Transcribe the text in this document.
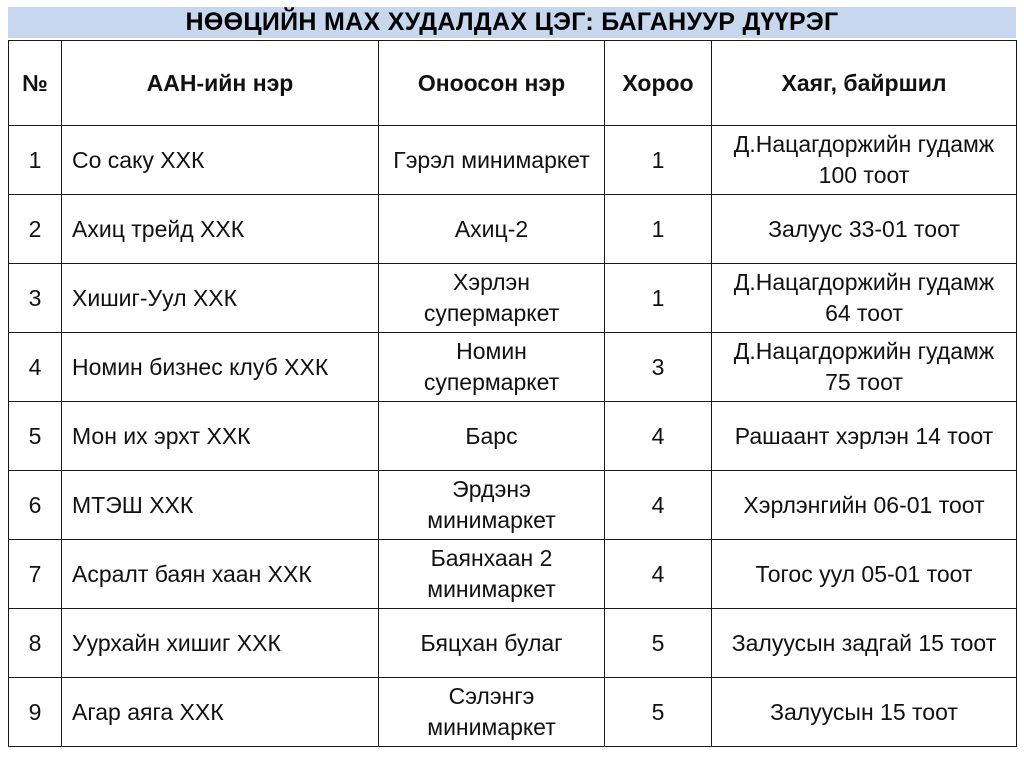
НӨӨЦИЙН МАХ ХУДАЛДАХ ЦЭГ: БАГАНУУР ДҮҮРЭГ
№	ААН-ийн нэр	Оноосон нэр	Хороо	Хаяг, байршил
1	Со саку ХХК	Гэрэл минимаркет	1	Д.Нацагдоржийн гудамж 100 тоот
2	Ахиц трейд ХХК	Ахиц-2	1	Залуус 33-01 тоот
3	Хишиг-Уул ХХК	Хэрлэн супермаркет	1	Д.Нацагдоржийн гудамж 64 тоот
4	Номин бизнес клуб ХХК	Номин супермаркет	3	Д.Нацагдоржийн гудамж 75 тоот
5	Мон их эрхт ХХК	Барс	4	Рашаант хэрлэн 14 тоот
6	МТЭШ ХХК	Эрдэнэ минимаркет	4	Хэрлэнгийн 06-01 тоот
7	Асралт баян хаан ХХК	Баянхаан 2 минимаркет	4	Тогос уул 05-01 тоот
8	Уурхайн хишиг ХХК	Бяцхан булаг	5	Залуусын задгай 15 тоот
9	Агар аяга ХХК	Сэлэнгэ минимаркет	5	Залуусын 15 тоот
